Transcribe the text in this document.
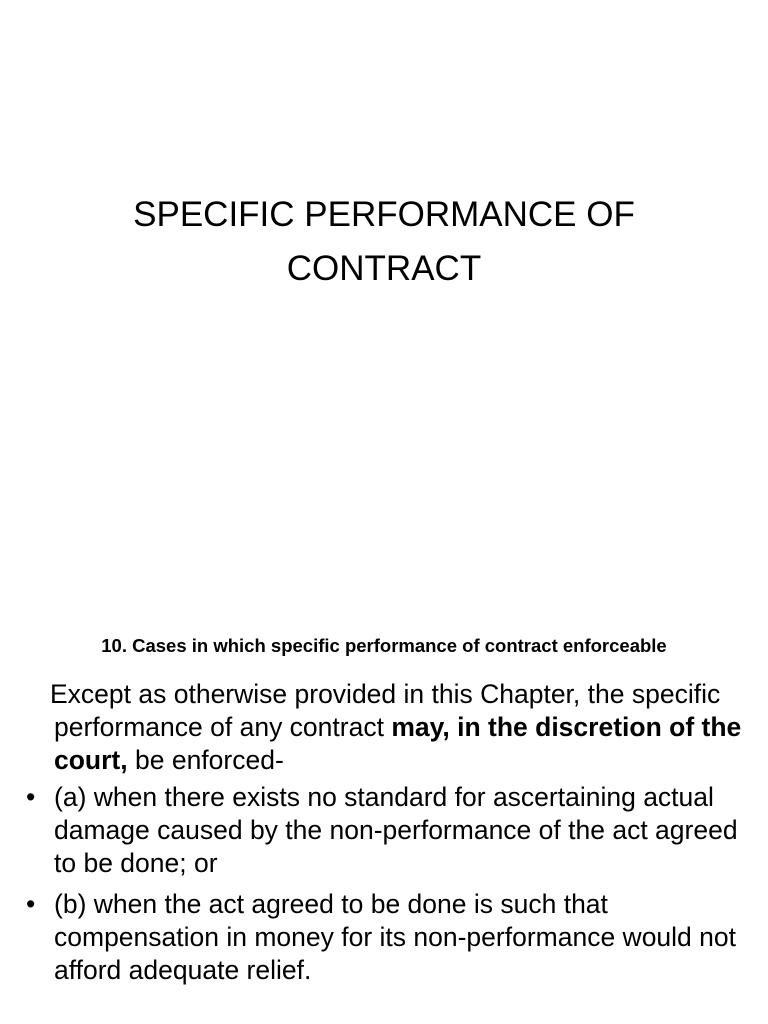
SPECIFIC PERFORMANCE OF
CONTRACT
10. Cases in which specific performance of contract enforceable

Except as otherwise provided in this Chapter, the specific performance of any contract may, in the discretion of the court, be enforced-

• (a) when there exists no standard for ascertaining actual damage caused by the non-performance of the act agreed to be done; or
• (b) when the act agreed to be done is such that compensation in money for its non-performance would not afford adequate relief.
